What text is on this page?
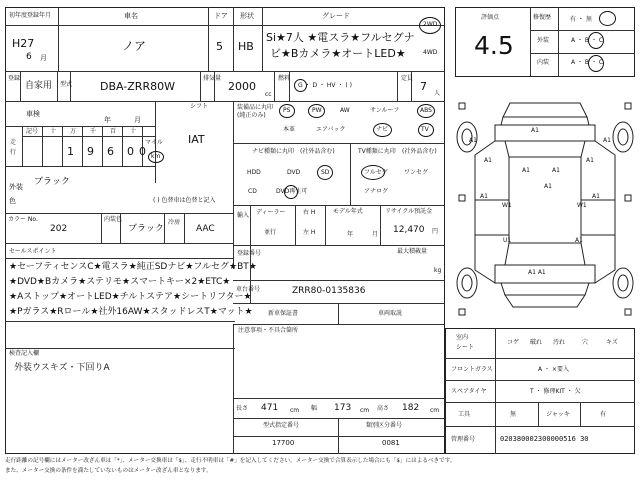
初年度登録年月
H27
6 月
車名
ノア
ドア
5
形状
HB
グレード
Si★7人 ★電スラ★フルセグナ
ビ★Bカメラ★オートLED★
2WD
4WD
登録
自家用 型式	DBA-ZRR80W
排気量
2000
cc
燃料
G ・ D ・ HV ・ ( )
定員
7
人
車検
年	月
記号 十 万 千 百 十
走
行	1 9 6 0 0
マイル
km
シフト
IAT
外装
色
ブラック
( ) 色替車は色替と記入
カラー No.
202
内装色
ブラック
冷房
AAC
セールスポイント
★セーフティセンスC★電スラ★純正SDナビ★フルセグ★BT★
★DVD★Bカメラ★ステリモ★スマートキー×2★ETC★
★Aストップ★オートLED★チルトステア★シートリフター★
★Pガラス★Rロール★社外16AW★スタッドレスT★マット★
検査記入欄
外装ウスキズ・下回りA
装備品に丸印
(純正のみ)
PS	PW	AW	サンルーフ	ABS
本革	エアバック	ナビ	TV
ナビ種類に丸印 (社外品含む)
HDD	DVD	SD
CD	DVD再生可
TV種類に丸印 (社外品含む)
フルセグ	ワンセグ
アナログ
輸入 ディーラー
並行
右 H
左 H
モデル年式
年	月
リサイクル預託金
12,470 円
最大積載量
kg
登録番号
車台番号	ZRR80-0135836
新車保証書	車両取説
注意事項・不具合箇所
長さ 471 cm 幅 173 cm 高さ 182 cm
型式指定番号
17700
類別区分番号
0081
評価点
4.5
修復歴	有 ・ 無
外装	A ・ B ・ C
内装	A ・ B ・ C
A1
A1	A1
A1	A1
A1	A1
A1
A1	A1
W1	W1
A1 A1
U1	A1
室内
シート
コゲ 破れ 汚れ	穴	キズ
フロントガラス	A ・ ×要入
スペアタイヤ	T ・ 修理KIT ・ 欠
工具	無	ジャッキ	有
管理番号	020380002300000516 30
走行距離の記号欄にはメーター改ざん車は「*」、メーター交換車は「$」、走行不明車は「#」を記入してください。メーター交換で合算表示した場合にも「$」にはよるべきです。
また、メーター交換の条件を満たしていないものはメーター改ざん車となります。
